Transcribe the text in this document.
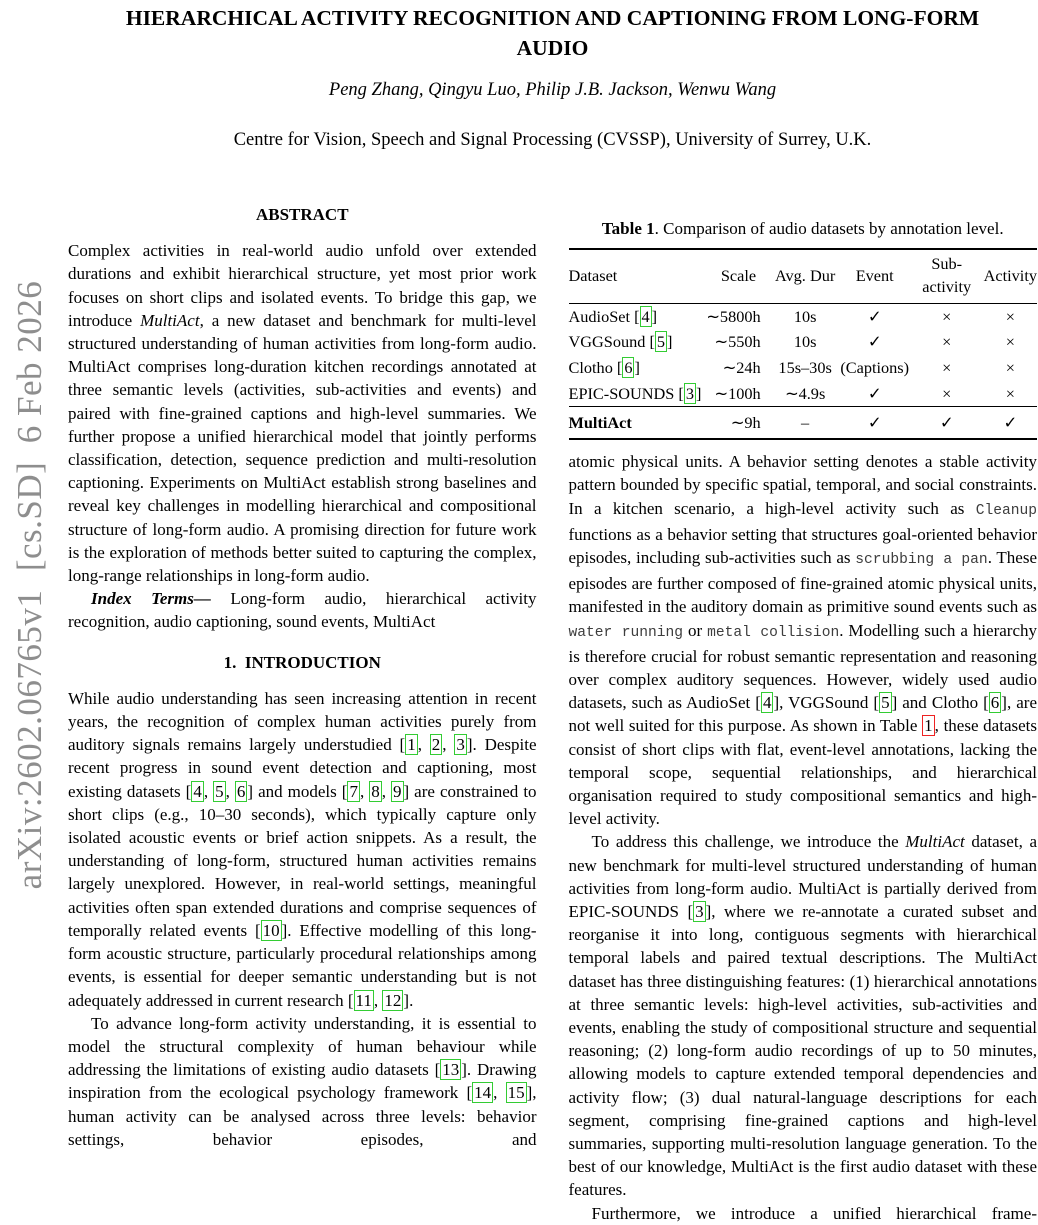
arXiv:2602.06765v1  [cs.SD]  6 Feb 2026
HIERARCHICAL ACTIVITY RECOGNITION AND CAPTIONING FROM LONG-FORM
AUDIO
Peng Zhang, Qingyu Luo, Philip J.B. Jackson, Wenwu Wang
Centre for Vision, Speech and Signal Processing (CVSSP), University of Surrey, U.K.
ABSTRACT

Complex activities in real-world audio unfold over extended durations and exhibit hierarchical structure, yet most prior work focuses on short clips and isolated events. To bridge this gap, we introduce MultiAct, a new dataset and benchmark for multi-level structured understanding of human activities from long-form audio. MultiAct comprises long-duration kitchen recordings annotated at three semantic levels (activities, sub-activities and events) and paired with fine-grained captions and high-level summaries. We further propose a unified hierarchical model that jointly performs classification, detection, sequence prediction and multi-resolution captioning. Experiments on MultiAct establish strong baselines and reveal key challenges in modelling hierarchical and compositional structure of long-form audio. A promising direction for future work is the exploration of methods better suited to capturing the complex, long-range relationships in long-form audio.

Index Terms— Long-form audio, hierarchical activity recognition, audio captioning, sound events, MultiAct

1.  INTRODUCTION

While audio understanding has seen increasing attention in recent years, the recognition of complex human activities purely from auditory signals remains largely understudied [ 1 , 2 , 3 ]. Despite recent progress in sound event detection and captioning, most existing datasets [ 4 , 5 , 6 ] and models [ 7 , 8 , 9 ] are constrained to short clips (e.g., 10–30 seconds), which typically capture only isolated acoustic events or brief action snippets. As a result, the understanding of long-form, structured human activities remains largely unexplored. However, in real-world settings, meaningful activities often span extended durations and comprise sequences of temporally related events [ 10 ]. Effective modelling of this long-form acoustic structure, particularly procedural relationships among events, is essential for deeper semantic understanding but is not adequately addressed in current research [ 11 , 12 ].

To advance long-form activity understanding, it is essential to model the structural complexity of human behaviour while addressing the limitations of existing audio datasets [ 13 ]. Drawing inspiration from the ecological psychology framework [ 14 , 15 ], human activity can be analysed across three levels: behavior settings, behavior episodes, and

Table 1. Comparison of audio datasets by annotation level.
Dataset	Scale	Avg. Dur	Event	Sub-activity	Activity
AudioSet [ 4 ]	∼5800h	10s	✓	×	×
VGGSound [ 5 ]	∼550h	10s	✓	×	×
Clotho [ 6 ]	∼24h	15s–30s	(Captions)	×	×
EPIC-SOUNDS [ 3 ]	∼100h	∼4.9s	✓	×	×
MultiAct	∼9h	–	✓	✓	✓

atomic physical units. A behavior setting denotes a stable activity pattern bounded by specific spatial, temporal, and social constraints. In a kitchen scenario, a high-level activity such as Cleanup functions as a behavior setting that structures goal-oriented behavior episodes, including sub-activities such as scrubbing a pan. These episodes are further composed of fine-grained atomic physical units, manifested in the auditory domain as primitive sound events such as water running or metal collision. Modelling such a hierarchy is therefore crucial for robust semantic representation and reasoning over complex auditory sequences. However, widely used audio datasets, such as AudioSet [ 4 ], VGGSound [ 5 ] and Clotho [ 6 ], are not well suited for this purpose. As shown in Table 1 , these datasets consist of short clips with flat, event-level annotations, lacking the temporal scope, sequential relationships, and hierarchical organisation required to study compositional semantics and high-level activity.

To address this challenge, we introduce the MultiAct dataset, a new benchmark for multi-level structured understanding of human activities from long-form audio. MultiAct is partially derived from EPIC-SOUNDS [ 3 ], where we re-annotate a curated subset and reorganise it into long, contiguous segments with hierarchical temporal labels and paired textual descriptions. The MultiAct dataset has three distinguishing features: (1) hierarchical annotations at three semantic levels: high-level activities, sub-activities and events, enabling the study of compositional structure and sequential reasoning; (2) long-form audio recordings of up to 50 minutes, allowing models to capture extended temporal dependencies and activity flow; (3) dual natural-language descriptions for each segment, comprising fine-grained captions and high-level summaries, supporting multi-resolution language generation. To the best of our knowledge, MultiAct is the first audio dataset with these features.

Furthermore, we introduce a unified hierarchical frame-
